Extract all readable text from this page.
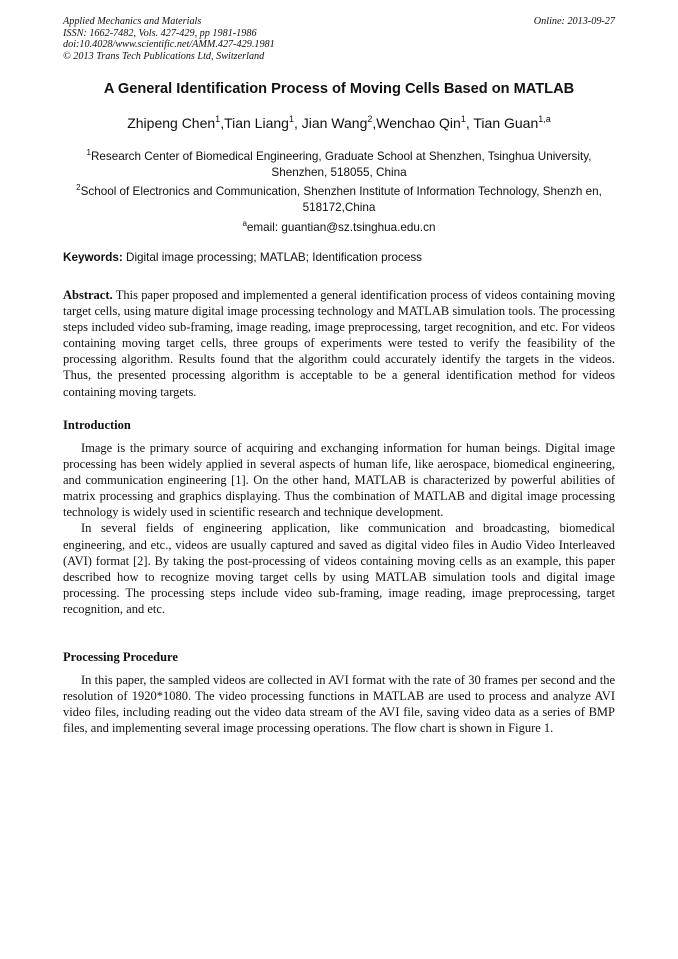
Applied Mechanics and Materials
ISSN: 1662-7482, Vols. 427-429, pp 1981-1986
doi:10.4028/www.scientific.net/AMM.427-429.1981
© 2013 Trans Tech Publications Ltd, Switzerland
Online: 2013-09-27
A General Identification Process of Moving Cells Based on MATLAB
Zhipeng Chen$^1$,Tian Liang$^1$, Jian Wang$^2$,Wenchao Qin$^1$, Tian Guan$^{1,a}$
$^1$Research Center of Biomedical Engineering, Graduate School at Shenzhen, Tsinghua University, Shenzhen, 518055, China
$^2$School of Electronics and Communication, Shenzhen Institute of Information Technology, Shenzh en, 518172,China
$^a$email: guantian@sz.tsinghua.edu.cn
Keywords: Digital image processing; MATLAB; Identification process
Abstract. This paper proposed and implemented a general identification process of videos containing moving target cells, using mature digital image processing technology and MATLAB simulation tools. The processing steps included video sub-framing, image reading, image preprocessing, target recognition, and etc. For videos containing moving target cells, three groups of experiments were tested to verify the feasibility of the processing algorithm. Results found that the algorithm could accurately identify the targets in the videos. Thus, the presented processing algorithm is acceptable to be a general identification method for videos containing moving targets.
Introduction

Image is the primary source of acquiring and exchanging information for human beings. Digital image processing has been widely applied in several aspects of human life, like aerospace, biomedical engineering, and communication engineering [1]. On the other hand, MATLAB is characterized by powerful abilities of matrix processing and graphics displaying. Thus the combination of MATLAB and digital image processing technology is widely used in scientific research and technique development.

In several fields of engineering application, like communication and broadcasting, biomedical engineering, and etc., videos are usually captured and saved as digital video files in Audio Video Interleaved (AVI) format [2]. By taking the post-processing of videos containing moving cells as an example, this paper described how to recognize moving target cells by using MATLAB simulation tools and digital image processing. The processing steps include video sub-framing, image reading, image preprocessing, target recognition, and etc.

Processing Procedure

In this paper, the sampled videos are collected in AVI format with the rate of 30 frames per second and the resolution of 1920*1080. The video processing functions in MATLAB are used to process and analyze AVI video files, including reading out the video data stream of the AVI file, saving video data as a series of BMP files, and implementing several image processing operations. The flow chart is shown in Figure 1.
